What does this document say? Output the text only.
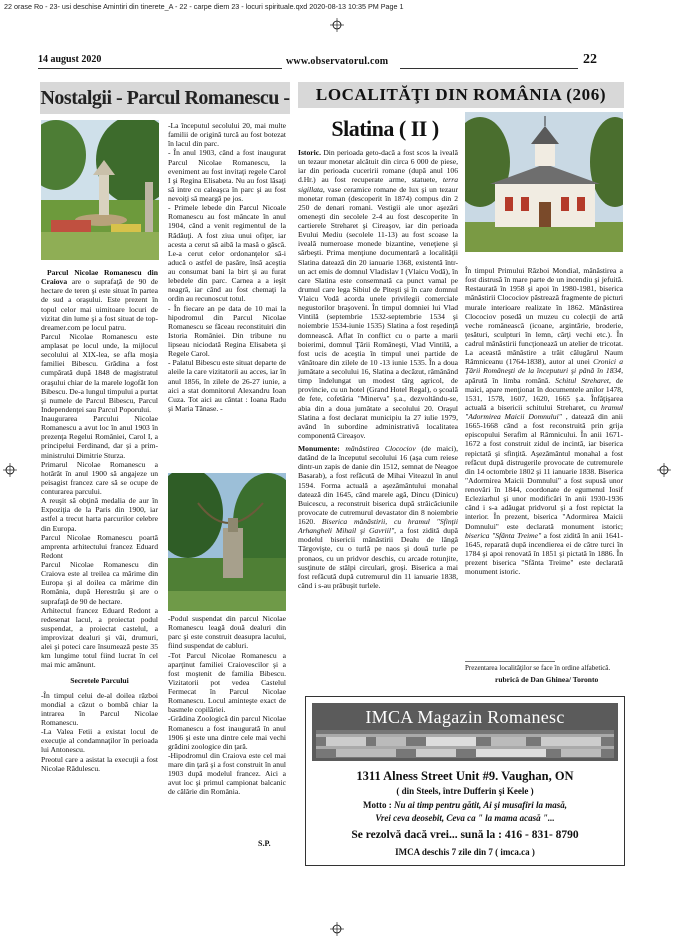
22 orase Ro - 23- usi deschise Amintiri din tinerete_A - 22 - carpe diem 23 - locuri spirituale.qxd 2020-08-13 10:35 PM Page 1
14 august 2020	www.observatorul.com	22
Nostalgii - Parcul Romanescu -	LOCALITĂŢI DIN ROMÂNIA (206)
Slatina ( II )

Parcul Nicolae Romanescu din Craiova are o suprafaţă de 90 de hectare de teren şi este situat în partea de sud a oraşului. Este prezent în topul celor mai uimitoare locuri de vizitat din lume şi a fost situat de top-dreamer.com pe locul patru.

Parcul Nicolae Romanescu este amplasat pe locul unde, la mijlocul secolului al XIX-lea, se afla moşia familiei Bibescu. Grădina a fost cumpărată după 1848 de magistratul oraşului chiar de la marele logofăt Ion Bibescu. De-a lungul timpului a purtat şi numele de Parcul Bibescu, Parcul Independenţei sau Parcul Poporului.

Inaugurarea Parcului Nicolae Romanescu a avut loc în anul 1903 în prezenţa Regelui României, Carol I, a principelui Ferdinand, dar şi a prim-ministrului Dimitrie Sturza.

Primarul Nicolae Romanescu a hotărât în anul 1900 să angajeze un peisagist francez care să se ocupe de conturarea parcului.

A reuşit să obţină medalia de aur în Expoziţia de la Paris din 1900, iar astfel a trecut harta parcurilor celebre din Europa.

Parcul Nicolae Romanescu poartă amprenta arhitectului francez Eduard Redont

Parcul Nicolae Romanescu din Craiova este al treilea ca mărime din Europa şi al doilea ca mărime din România, după Herestrău şi are o suprafaţă de 90 de hectare.

Arhitectul francez Eduard Redont a redesenat lacul, a proiectat podul suspendat, a proiectat castelul, a improvizat dealuri şi văi, drumuri, alei şi poteci care însumează peste 35 km lungime totul fiind lucrat în cel mai mic amănunt.

Secretele Parcului

-În timpul celui de-al doilea război mondial a căzut o bombă chiar la intrarea în Parcul Nicolae Romanescu.

-La Valea Fetii a existat locul de execuţie al condamnaţilor în perioada lui Antonescu.

Preotul care a asistat la execuţii a fost Nicolae Rădulescu.

-La începutul secolului 20, mai multe familii de origină turcă au fost botezat în lacul din parc.

- În anul 1903, când a fost inaugurat Parcul Nicolae Romanescu, la eveniment au fost invitaţi regele Carol I şi Regina Elisabeta. Nu au fost lăsaţi să intre cu caleaşca în parc şi au fost nevoiţi să meargă pe jos.

- Primele lebede din Parcul Nicoale Romanescu au fost mâncate în anul 1904, când a venit regimentul de la Rădăuţi. A fost ziua unui ofiţer, iar acesta a cerut să aibă la masă o gâscă. Le-a cerut celor ordonanţelor să-i aducă o astfel de pasăre, însă aceştia au consumat bani la birt şi au furat lebedele din parc. Carnea a a ieşit neagră, iar când au fost chemaţi la ordin au recunoscut totul.

- În fiecare an pe data de 10 mai la hipodromul din Parcul Nicolae Romanescu se făceau reconstituiri din Istoria României. Din tribune nu lipseau niciodată Regina Elisabeta şi Regele Carol.

- Palatul Bibescu este situat departe de aleile la care vizitatorii au acces, iar în anul 1856, în zilele de 26-27 iunie, a aici a stat domnitorul Alexandru Ioan Cuza. Tot aici au cântat : Ioana Radu şi Maria Tănase. -

-Podul suspendat din parcul Nicolae Romanescu leagă două dealuri din parc şi este construit deasupra lacului, fiind suspendat de cabluri.

-Tot Parcul Nicolae Romanescu a aparţinut familiei Craiovescilor şi a fost moştenit de familia Bibescu. Vizitatorii pot vedea Castelul Fermecat în Parcul Nicolae Romanescu. Locul aminteşte exact de basmele copilăriei.

-Grădina Zoologică din parcul Nicolae Romanescu a fost inaugurată în anul 1906 şi este una dintre cele mai vechi grădini zoologice din ţară.

-Hipodromul din Craiova este cel mai mare din ţară şi a fost construit în anul 1903 după modelul francez. Aici a avut loc şi primul campionat balcanic de călărie din România.

S.P.

Istoric. Din perioada geto-dacă a fost scos la iveală un tezaur monetar alcătuit din circa 6 000 de piese, iar din perioada cuceririi romane (după anul 106 d.Hr.) au fost recuperate arme, statuete, terra sigillata, vase ceramice romane de lux şi un tezaur monetar roman (descoperit în 1874) compus din 2 250 de denari romani. Vestigii ale unor aşezări omeneşti din secolele 2-4 au fost descoperite în cartierele Streharet şi Cireaşov, iar din perioada Evului Mediu (secolele 11-13) au fost scoase la iveală numeroase monede bizantine, veneţiene şi sârbeşti. Prima menţiune documentară a localităţii Slatina datează din 20 ianuarie 1368, existentă într-un act emis de domnul Vladislav I (Vlaicu Vodă), în care Slatina este consemnată ca punct vamal pe drumul care lega Sibiul de Piteşti şi în care domnul Vlaicu Vodă acorda unele privilegii comerciale negustorilor braşoveni. În timpul domniei lui Vlad Vintilă (septembrie 1532-septembrie 1534 şi noiembrie 1534-iunie 1535) Slatina a fost reşedinţă domnească. Aflat în conflict cu o parte a marii boierimi, domnul Ţării Româneşti, Vlad Vintilă, a fost ucis de aceştia în timpul unei partide de vânătoare din zilele de 10 -13 iunie 1535. În a doua jumătate a secolului 16, Slatina a decăzut, rămânând timp îndelungat un modest târg agricol, de provincie, cu un hotel (Grand Hotel Regal), o şcoală de fete, cofetăria "Minerva" ş.a., dezvoltându-se, abia din a doua jumătate a secolului 20. Oraşul Slatina a fost declarat municipiu la 27 iulie 1979, având în subordine administrativă localitatea componentă Cireaşov.

Monumente: mănăstirea Clocociov (de maici), datând de la începutul secolului 16 (aşa cum reiese dintr-un zapis de danie din 1512, semnat de Neagoe Basarab), a fost refăcută de Mihai Viteazul în anul 1594. Forma actuală a aşezământului monahal datează din 1645, când marele agă, Dincu (Dinicu) Buicescu, a reconstruit biserica după străicăciunile provocate de cutremurul devastator din 8 noiembrie 1620. Biserica mănăstirii, cu hramul "Sfinţii Arhangheli Mihail şi Gavriil", a fost zidită după modelul bisericii mănăstirii Dealu de lângă Târgovişte, cu o turlă pe naos şi două turle pe pronaos, cu un pridvor deschis, cu arcade rotunjite, susţinute de stâlpi circulari, groşi. Biserica a mai fost refăcută după cutremurul din 11 ianuarie 1838, când i s-au prăbuşit turlele.

În timpul Primului Război Mondial, mânăstirea a fost distrusă în mare parte de un incendiu şi jefuită. Restaurată în 1958 şi apoi în 1980-1981, biserica mănăstirii Clocociov păstrează fragmente de picturi murale interioare realizate în 1862. Mănăstirea Clocociov posedă un muzeu cu colecţii de artă veche românească (icoane, argintărie, broderie, ţesături, sculpturi în lemn, cărţi vechi etc.). În cadrul mănăstirii funcţionează un atelier de tricotat. La această mănăstire a trăit călugărul Naum Râmniceanu (1764-1838), autor al unei Cronici a Ţării Româneşti de la începuturi şi până în 1834, apărută în limba română. Schitul Streharet, de maici, apare menţionat în documentele anilor 1478, 1531, 1578, 1607, 1620, 1665 ş.a. Înfăţişarea actuală a bisericii schitului Streharet, cu hramul "Adormirea Maicii Domnului" , datează din anii 1665-1668 când a fost reconstruită prin grija episcopului Serafim al Râmnicului. În anii 1671-1672 a fost construit zidul de incintă, iar biserica repictată şi sfinţită. Aşezământul monahal a fost refăcut după distrugerile provocate de cutremurele din 14 octombrie 1802 şi 11 ianuarie 1838. Biserica "Adormirea Maicii Domnului" a fost supusă unor renovări în 1844, coordonate de egumenul Iosif Ecleziarhul şi unor modificări în anii 1930-1936 când i s-a adăugat pridvorul şi a fost repictat la interior. În prezent, biserica "Adormirea Maicii Domnului" este declarată monument istoric; biserica "Sfânta Treime" a fost zidită în anii 1641-1645, reparată după incendierea ei de către turci în 1784 şi apoi renovată în 1851 şi pictată în 1886. În prezent biserica "Sfânta Treime" este declarată monument istoric.

Prezentarea localităţilor se face în ordine alfabetică.
rubrică de Dan Ghinea/ Toronto
IMCA Magazin Romanesc
1311 Alness Street Unit #9. Vaughan, ON
( din Steels, între Dufferin şi Keele )
Motto : Nu ai timp pentru gătit, Ai şi musafiri la masă,
Vrei ceva deosebit, Ceva ca " la mama acasă "...
Se rezolvă dacă vrei... sună la : 416 - 831- 8790
IMCA deschis 7 zile din 7 ( imca.ca )
